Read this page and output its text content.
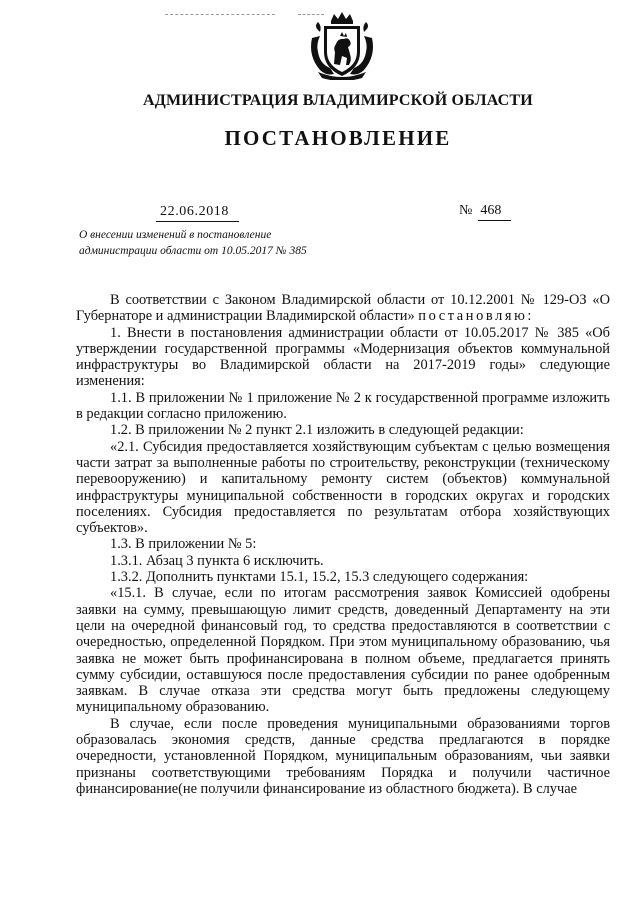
АДМИНИСТРАЦИЯ ВЛАДИМИРСКОЙ ОБЛАСТИ
ПОСТАНОВЛЕНИЕ
22.06.2018	№ 468
О внесении изменений в постановление
администрации области от 10.05.2017 № 385

В соответствии с Законом Владимирской области от 10.12.2001 № 129-ОЗ «О Губернаторе и администрации Владимирской области» постановляю:

1. Внести в постановления администрации области от 10.05.2017 № 385 «Об утверждении государственной программы «Модернизация объектов коммунальной инфраструктуры во Владимирской области на 2017-2019 годы» следующие изменения:

1.1. В приложении № 1 приложение № 2 к государственной программе изложить в редакции согласно приложению.

1.2. В приложении № 2 пункт 2.1 изложить в следующей редакции:

«2.1. Субсидия предоставляется хозяйствующим субъектам с целью возмещения части затрат за выполненные работы по строительству, реконструкции (техническому перевооружению) и капитальному ремонту систем (объектов) коммунальной инфраструктуры муниципальной собственности в городских округах и городских поселениях. Субсидия предоставляется по результатам отбора хозяйствующих субъектов».

1.3. В приложении № 5:

1.3.1. Абзац 3 пункта 6 исключить.

1.3.2. Дополнить пунктами 15.1, 15.2, 15.3 следующего содержания:

«15.1. В случае, если по итогам рассмотрения заявок Комиссией одобрены заявки на сумму, превышающую лимит средств, доведенный Департаменту на эти цели на очередной финансовый год, то средства предоставляются в соответствии с очередностью, определенной Порядком. При этом муниципальному образованию, чья заявка не может быть профинансирована в полном объеме, предлагается принять сумму субсидии, оставшуюся после предоставления субсидии по ранее одобренным заявкам. В случае отказа эти средства могут быть предложены следующему муниципальному образованию.

В случае, если после проведения муниципальными образованиями торгов образовалась экономия средств, данные средства предлагаются в порядке очередности, установленной Порядком, муниципальным образованиям, чьи заявки признаны соответствующими требованиям Порядка и получили частичное финансирование(не получили финансирование из областного бюджета). В случае
